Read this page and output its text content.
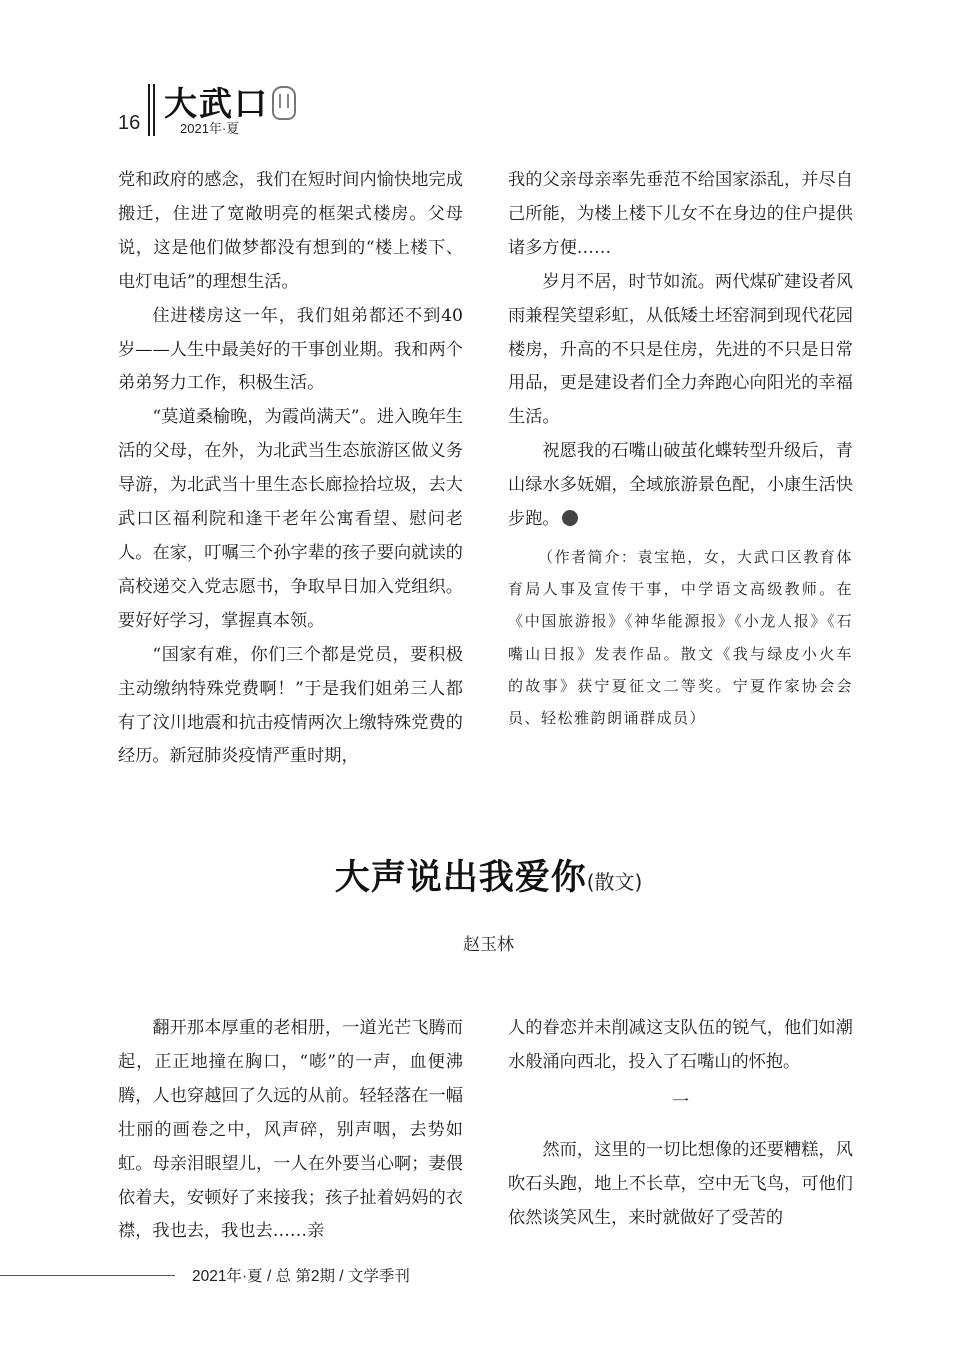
16 大武口
2021年·夏

党和政府的感念，我们在短时间内愉快地完成搬迁，住进了宽敞明亮的框架式楼房。父母说，这是他们做梦都没有想到的“楼上楼下、电灯电话”的理想生活。

住进楼房这一年，我们姐弟都还不到40岁——人生中最美好的干事创业期。我和两个弟弟努力工作，积极生活。

“莫道桑榆晚，为霞尚满天”。进入晚年生活的父母，在外，为北武当生态旅游区做义务导游，为北武当十里生态长廊捡拾垃圾，去大武口区福利院和逢干老年公寓看望、慰问老人。在家，叮嘱三个孙字辈的孩子要向就读的高校递交入党志愿书，争取早日加入党组织。要好好学习，掌握真本领。

“国家有难，你们三个都是党员，要积极主动缴纳特殊党费啊！”于是我们姐弟三人都有了汶川地震和抗击疫情两次上缴特殊党费的经历。新冠肺炎疫情严重时期，

我的父亲母亲率先垂范不给国家添乱，并尽自己所能，为楼上楼下儿女不在身边的住户提供诸多方便……

岁月不居，时节如流。两代煤矿建设者风雨兼程笑望彩虹，从低矮土坯窑洞到现代花园楼房，升高的不只是住房，先进的不只是日常用品，更是建设者们全力奔跑心向阳光的幸福生活。

祝愿我的石嘴山破茧化蝶转型升级后，青山绿水多妩媚，全域旅游景色配，小康生活快步跑。

（作者简介：袁宝艳，女，大武口区教育体育局人事及宣传干事，中学语文高级教师。在《中国旅游报》《神华能源报》《小龙人报》《石嘴山日报》发表作品。散文《我与绿皮小火车的故事》获宁夏征文二等奖。宁夏作家协会会员、轻松雅韵朗诵群成员）

大声说出我爱你(散文)
赵玉林

翻开那本厚重的老相册，一道光芒飞腾而起，正正地撞在胸口，“嘭”的一声，血便沸腾，人也穿越回了久远的从前。轻轻落在一幅壮丽的画卷之中，风声碎，别声咽，去势如虹。母亲泪眼望儿，一人在外要当心啊；妻偎依着夫，安顿好了来接我；孩子扯着妈妈的衣襟，我也去，我也去……亲

人的眷恋并未削减这支队伍的锐气，他们如潮水般涌向西北，投入了石嘴山的怀抱。

一

然而，这里的一切比想像的还要糟糕，风吹石头跑，地上不长草，空中无飞鸟，可他们依然谈笑风生，来时就做好了受苦的

2021年·夏 / 总 第2期 / 文学季刊
